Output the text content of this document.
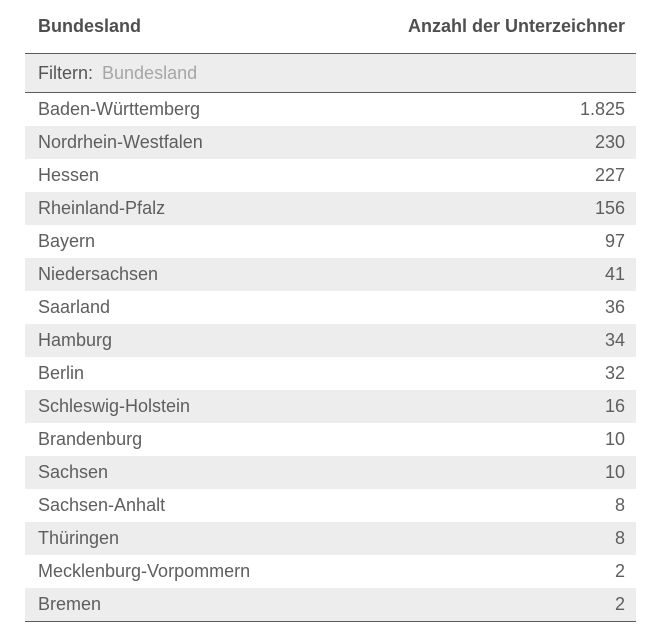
Bundesland	Anzahl der Unterzeichner
Filtern:
Bundesland
Baden-Württemberg	1.825
Nordrhein-Westfalen	230
Hessen	227
Rheinland-Pfalz	156
Bayern	97
Niedersachsen	41
Saarland	36
Hamburg	34
Berlin	32
Schleswig-Holstein	16
Brandenburg	10
Sachsen	10
Sachsen-Anhalt	8
Thüringen	8
Mecklenburg-Vorpommern	2
Bremen	2
